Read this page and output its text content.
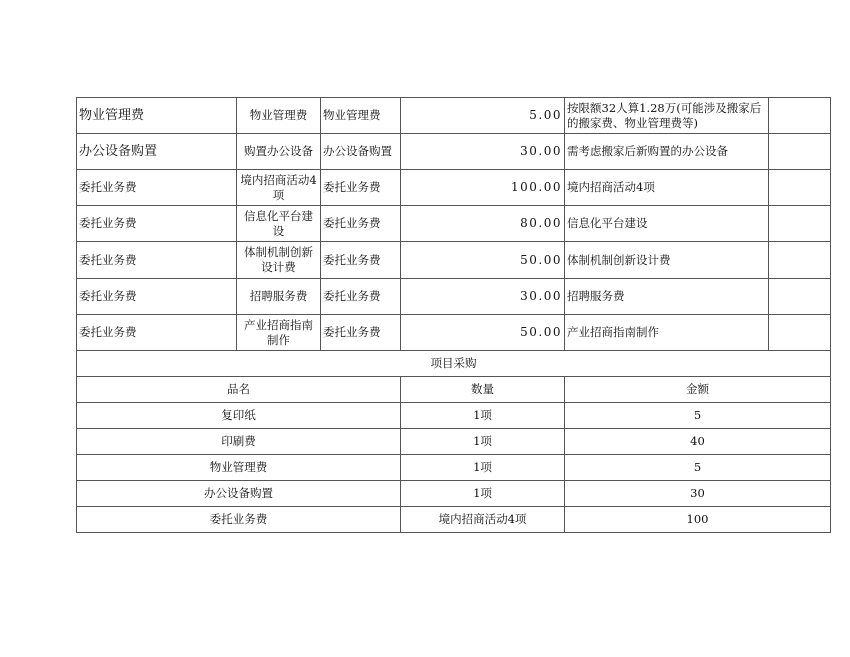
物业管理费	物业管理费	物业管理费	5.00	按限额32人算1.28万(可能涉及搬家后的搬家费、物业管理费等)	
办公设备购置	购置办公设备	办公设备购置	30.00	需考虑搬家后新购置的办公设备	
委托业务费	境内招商活动4项	委托业务费	100.00	境内招商活动4项	
委托业务费	信息化平台建设	委托业务费	80.00	信息化平台建设	
委托业务费	体制机制创新设计费	委托业务费	50.00	体制机制创新设计费	
委托业务费	招聘服务费	委托业务费	30.00	招聘服务费	
委托业务费	产业招商指南制作	委托业务费	50.00	产业招商指南制作	
项目采购					
品名			数量	金额	
复印纸			1项	5	
印刷费			1项	40	
物业管理费			1项	5	
办公设备购置			1项	30	
委托业务费			境内招商活动4项	100	
